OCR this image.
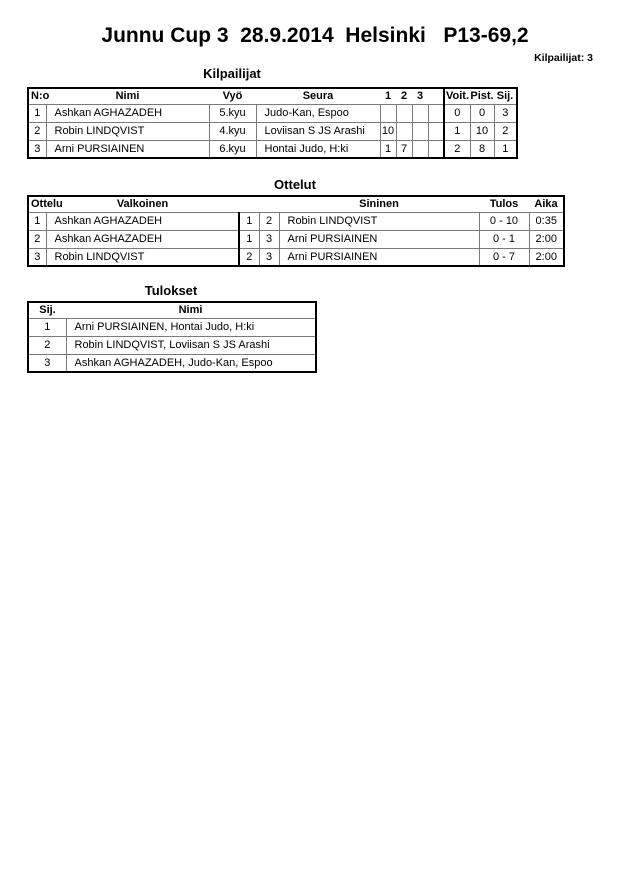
Junnu Cup 3  28.9.2014  Helsinki   P13-69,2
Kilpailijat: 3
Kilpailijat
N:o	Nimi	Vyö	Seura	1	2	3		Voit.	Pist.	Sij.
1	Ashkan AGHAZADEH	5.kyu	Judo-Kan, Espoo					0	0	3
2	Robin LINDQVIST	4.kyu	Loviisan S JS Arashi	10				1	10	2
3	Arni PURSIAINEN	6.kyu	Hontai Judo, H:ki	1	7			2	8	1
Ottelut
Ottelu	Valkoinen			Sininen	Tulos	Aika
1	Ashkan AGHAZADEH	1	2	Robin LINDQVIST	0 - 10	0:35
2	Ashkan AGHAZADEH	1	3	Arni PURSIAINEN	0 - 1	2:00
3	Robin LINDQVIST	2	3	Arni PURSIAINEN	0 - 7	2:00
Tulokset
Sij.	Nimi
1	Arni PURSIAINEN, Hontai Judo, H:ki
2	Robin LINDQVIST, Loviisan S JS Arashi
3	Ashkan AGHAZADEH, Judo-Kan, Espoo
